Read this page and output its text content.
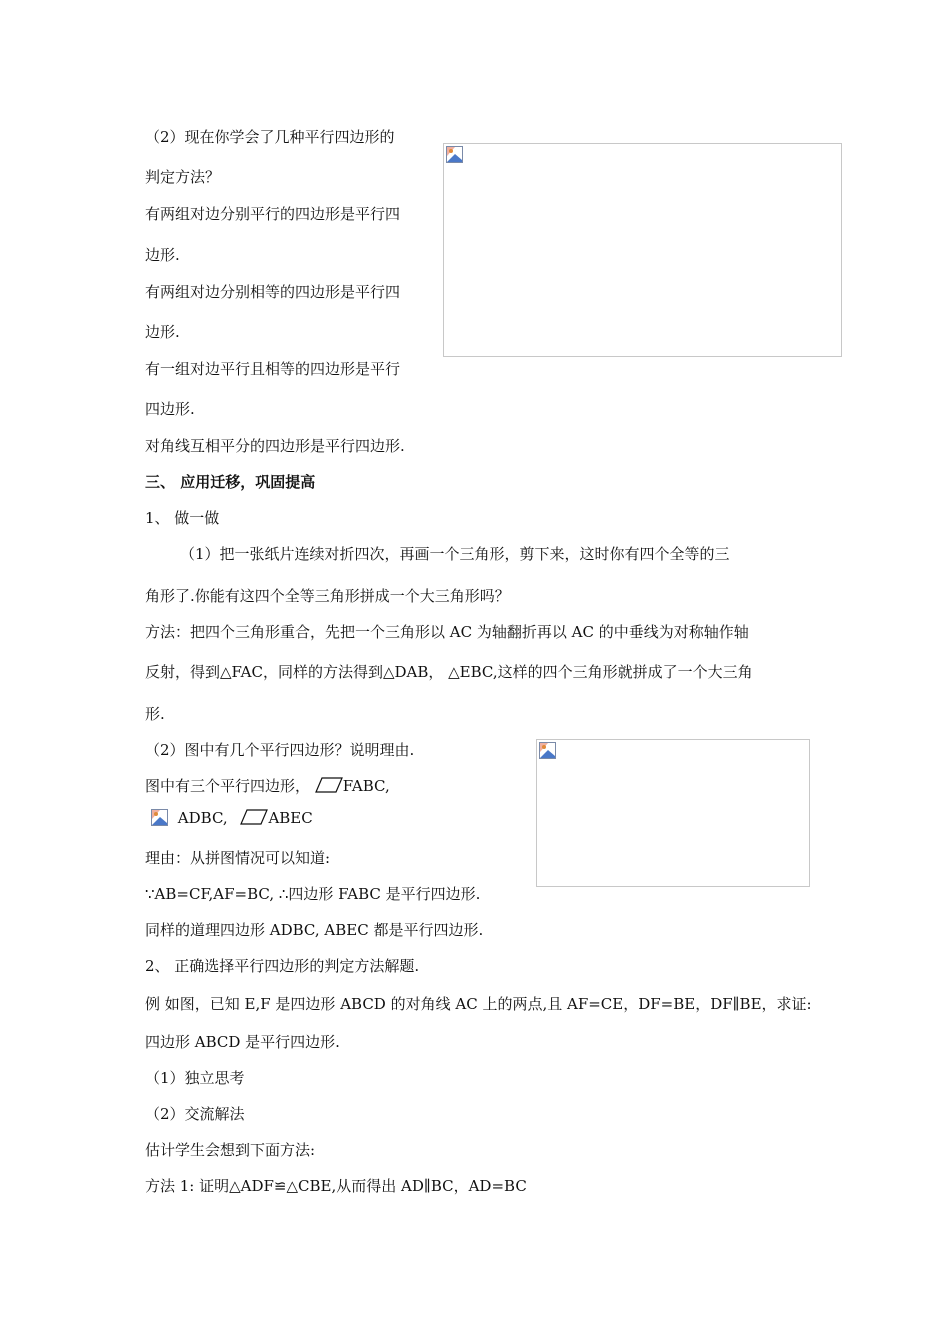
（2）现在你学会了几种平行四边形的
判定方法？
有两组对边分别平行的四边形是平行四
边形.
有两组对边分别相等的四边形是平行四
边形.
有一组对边平行且相等的四边形是平行
四边形.
对角线互相平分的四边形是平行四边形.
三、 应用迁移，巩固提高
1、 做一做
（1）把一张纸片连续对折四次，再画一个三角形，剪下来，这时你有四个全等的三
角形了.你能有这四个全等三角形拼成一个大三角形吗？
方法：把四个三角形重合，先把一个三角形以 AC 为轴翻折再以 AC 的中垂线为对称轴作轴
反射，得到△FAC，同样的方法得到△DAB， △EBC,这样的四个三角形就拼成了一个大三角
形.
（2）图中有几个平行四边形？说明理由.
图中有三个平行四边形， FABC,
ADBC,	ABEC
理由：从拼图情况可以知道:
∵AB=CF,AF=BC, ∴四边形 FABC 是平行四边形.
同样的道理四边形 ADBC, ABEC 都是平行四边形.
2、 正确选择平行四边形的判定方法解题.
例 如图，已知 E,F 是四边形 ABCD 的对角线 AC 上的两点,且 AF=CE，DF=BE，DF∥BE，求证:
四边形 ABCD 是平行四边形.
（1）独立思考
（2）交流解法
估计学生会想到下面方法:
方法 1: 证明△ADF≌△CBE,从而得出 AD∥BC，AD=BC
